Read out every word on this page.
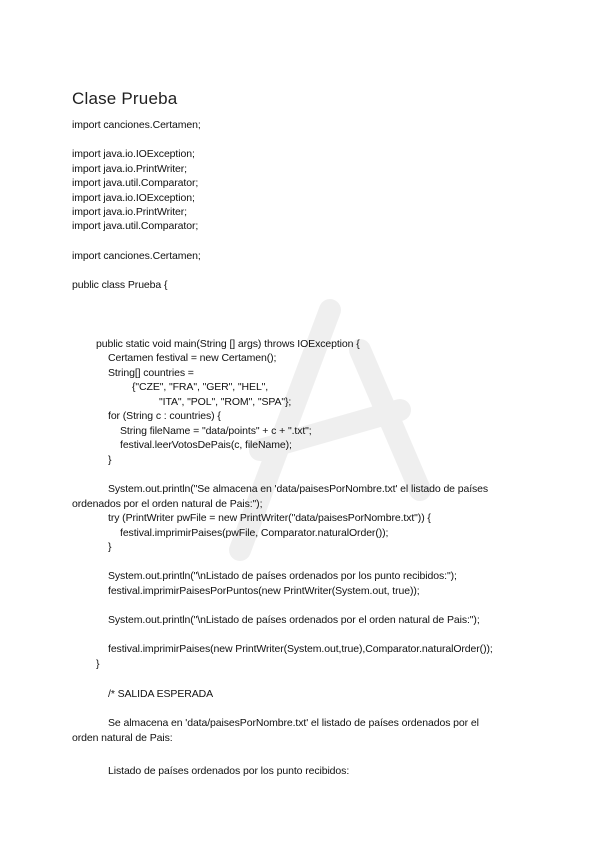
Clase Prueba
import canciones.Certamen;
import java.io.IOException;
import java.io.PrintWriter;
import java.util.Comparator;
import java.io.IOException;
import java.io.PrintWriter;
import java.util.Comparator;
import canciones.Certamen;
public class Prueba {
public static void main(String [] args) throws IOException {
Certamen festival = new Certamen();
String[] countries =
{"CZE", "FRA", "GER", "HEL",
"ITA", "POL", "ROM", "SPA"};
for (String c : countries) {
String fileName = "data/points" + c + ".txt";
festival.leerVotosDePais(c, fileName);
}
System.out.println("Se almacena en 'data/paisesPorNombre.txt' el listado de países
ordenados por el orden natural de Pais:");
try (PrintWriter pwFile = new PrintWriter("data/paisesPorNombre.txt")) {
festival.imprimirPaises(pwFile, Comparator.naturalOrder());
}
System.out.println("\nListado de países ordenados por los punto recibidos:");
festival.imprimirPaisesPorPuntos(new PrintWriter(System.out, true));
System.out.println("\nListado de países ordenados por el orden natural de Pais:");
festival.imprimirPaises(new PrintWriter(System.out,true),Comparator.naturalOrder());
}
/* SALIDA ESPERADA
Se almacena en 'data/paisesPorNombre.txt' el listado de países ordenados por el
orden natural de Pais:
Listado de países ordenados por los punto recibidos:
